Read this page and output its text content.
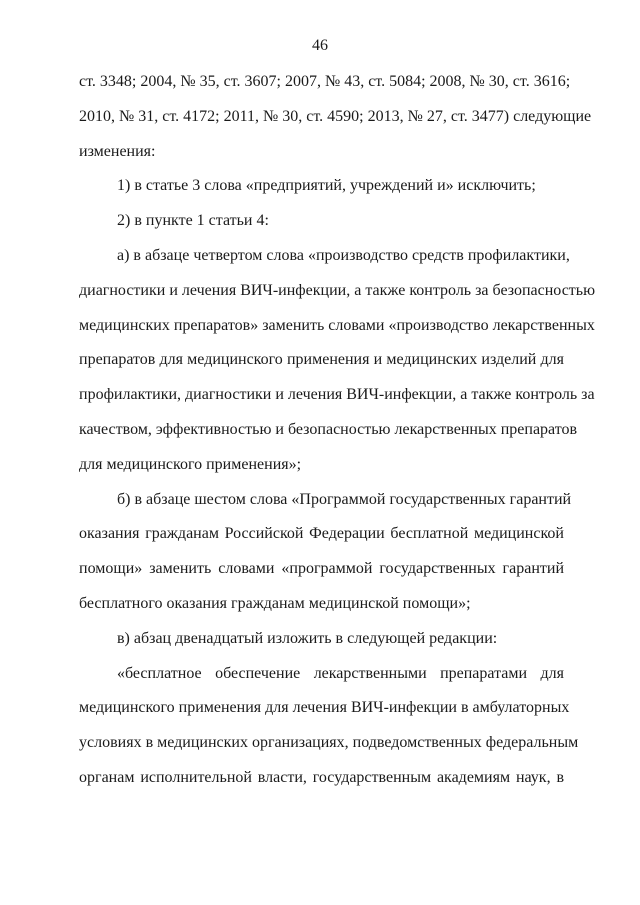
46
ст. 3348; 2004, № 35, ст. 3607; 2007, № 43, ст. 5084; 2008, № 30, ст. 3616;
2010, № 31, ст. 4172; 2011, № 30, ст. 4590; 2013, № 27, ст. 3477) следующие
изменения:
1) в статье 3 слова «предприятий, учреждений и» исключить;
2) в пункте 1 статьи 4:
а) в абзаце четвертом слова «производство средств профилактики,
диагностики и лечения ВИЧ-инфекции, а также контроль за безопасностью
медицинских препаратов» заменить словами «производство лекарственных
препаратов для медицинского применения и медицинских изделий для
профилактики, диагностики и лечения ВИЧ-инфекции, а также контроль за
качеством, эффективностью и безопасностью лекарственных препаратов
для медицинского применения»;
б) в абзаце шестом слова «Программой государственных гарантий
оказания гражданам Российской Федерации бесплатной медицинской
помощи» заменить словами «программой государственных гарантий
бесплатного оказания гражданам медицинской помощи»;
в) абзац двенадцатый изложить в следующей редакции:
«бесплатное обеспечение лекарственными препаратами для
медицинского применения для лечения ВИЧ-инфекции в амбулаторных
условиях в медицинских организациях, подведомственных федеральным
органам исполнительной власти, государственным академиям наук, в
